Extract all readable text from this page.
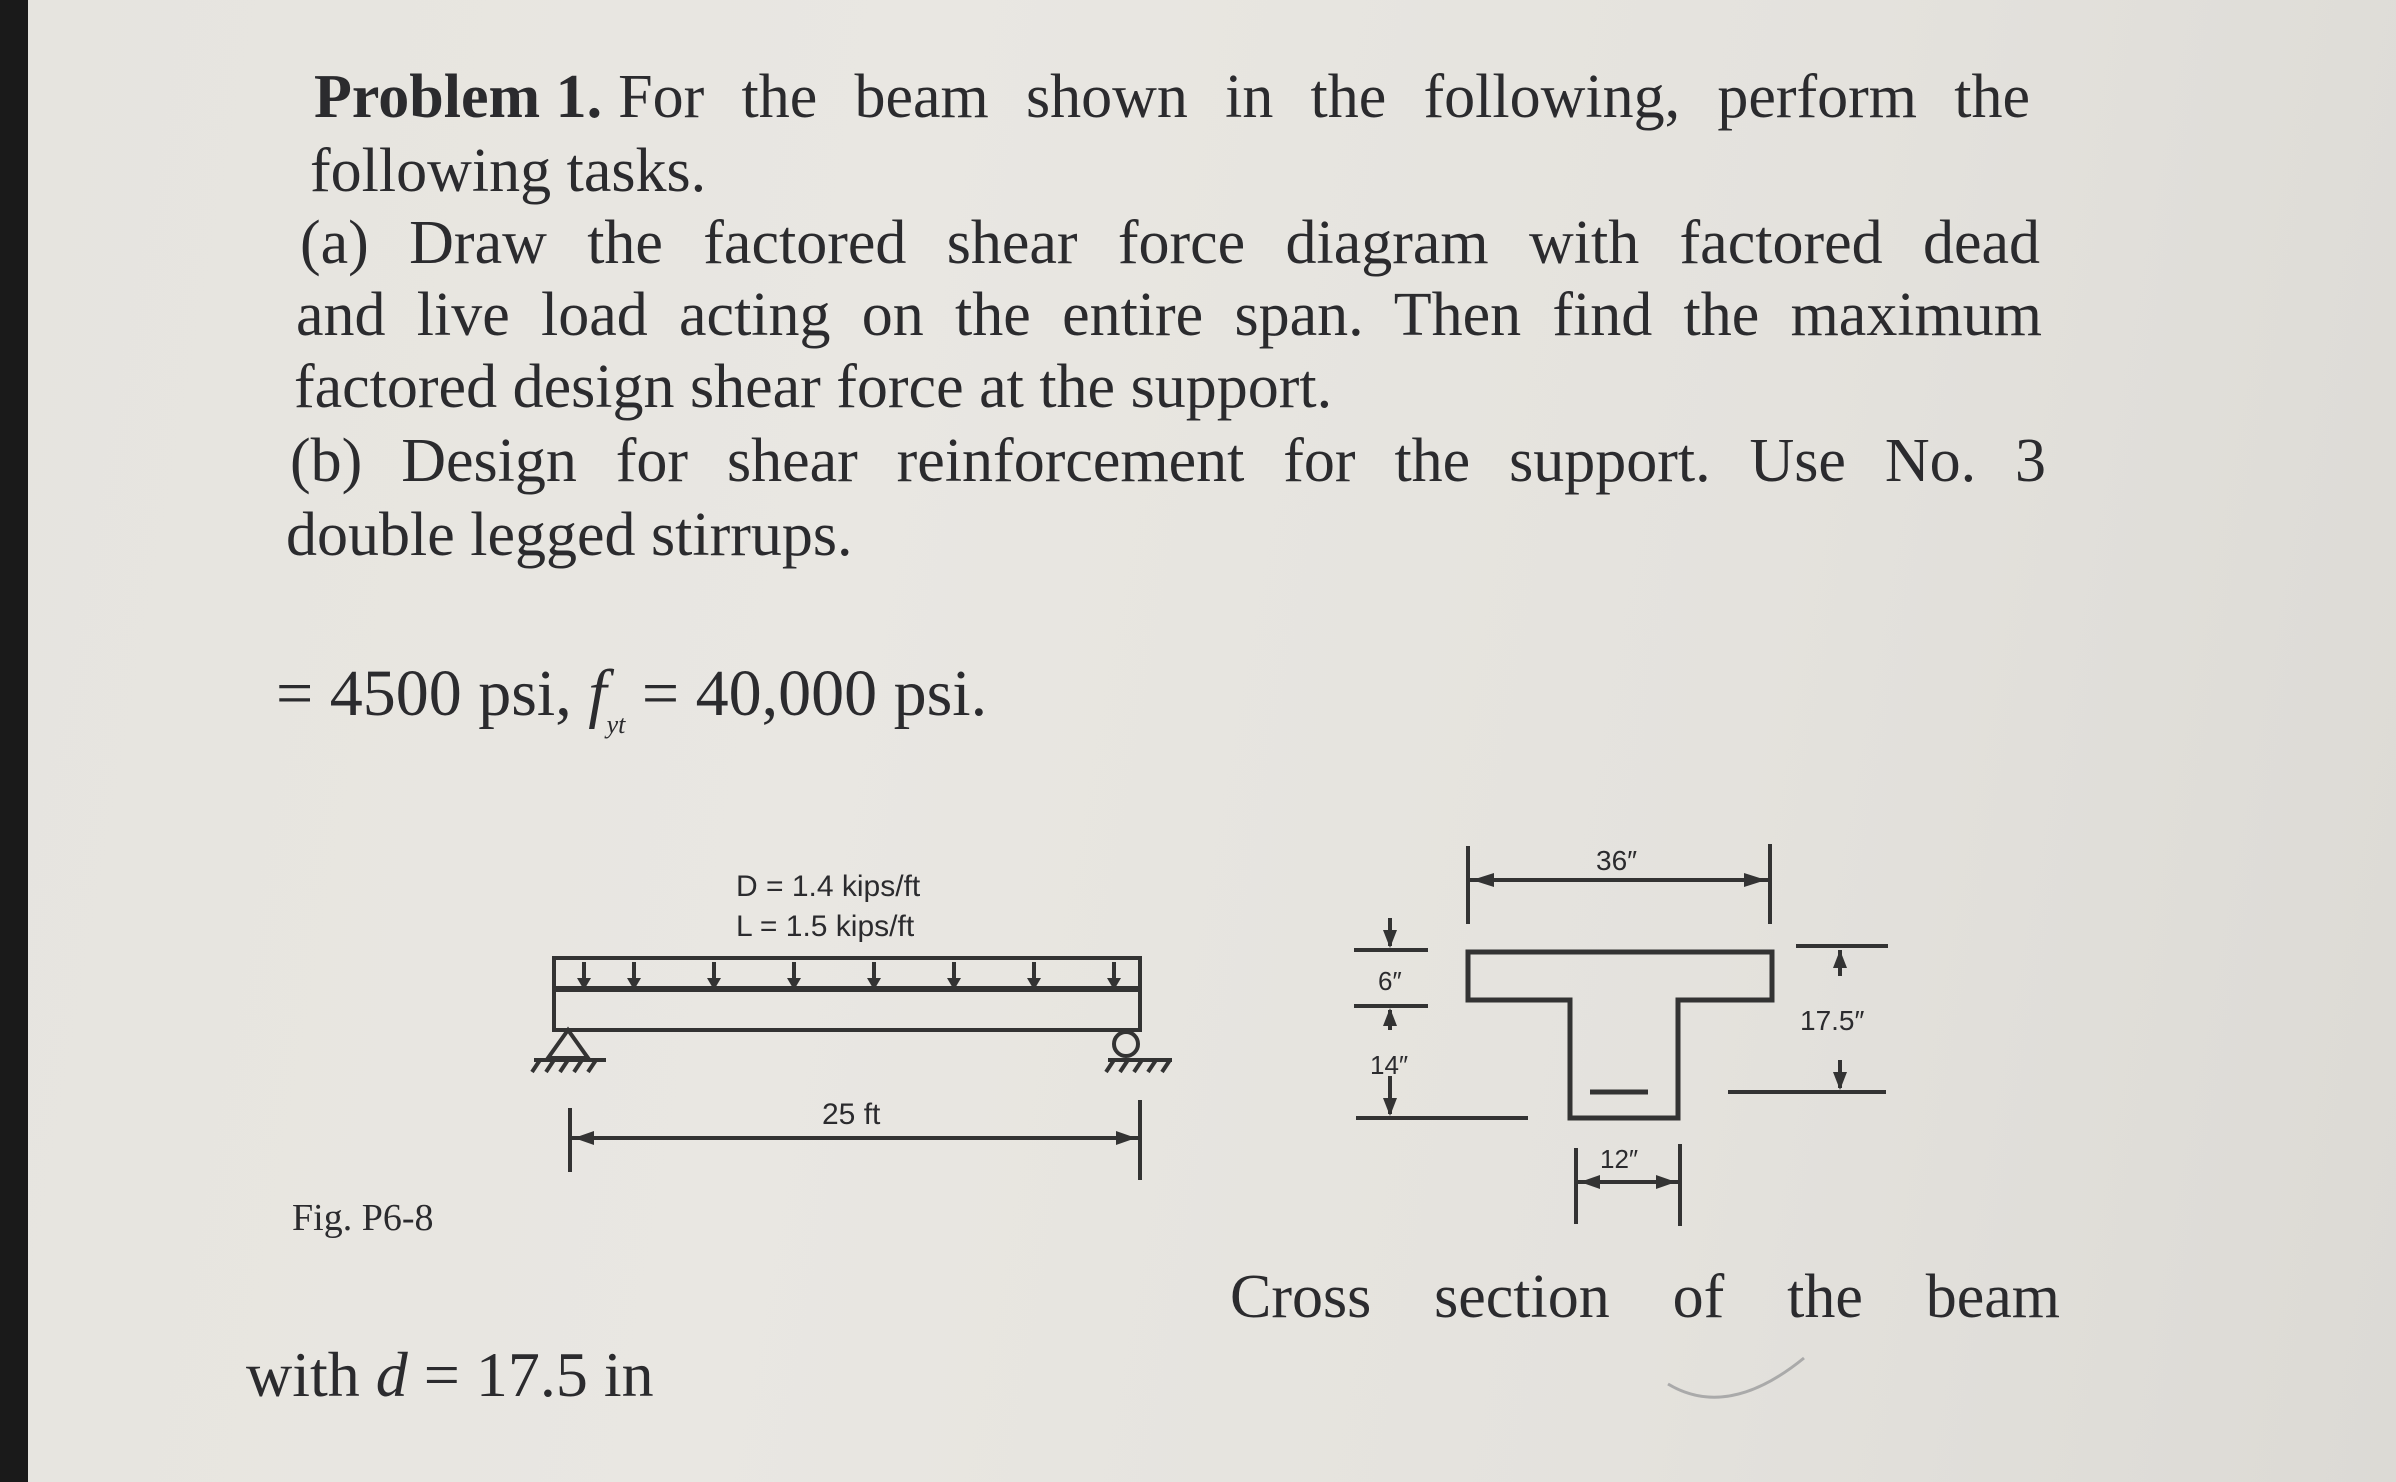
Problem 1. For the beam shown in the following, perform the
following tasks.
(a) Draw the factored shear force diagram with factored dead
and live load acting on the entire span. Then find the maximum
factored design shear force at the support.
(b) Design for shear reinforcement for the support. Use No. 3
double legged stirrups.
= 4500 psi, $f_{yt} = 40,000$ psi.
D = 1.4 kips/ft
L = 1.5 kips/ft
25 ft
36″
6″
14″
17.5″
12″
Fig. P6-8
Cross section of the beam
with d = 17.5 in
